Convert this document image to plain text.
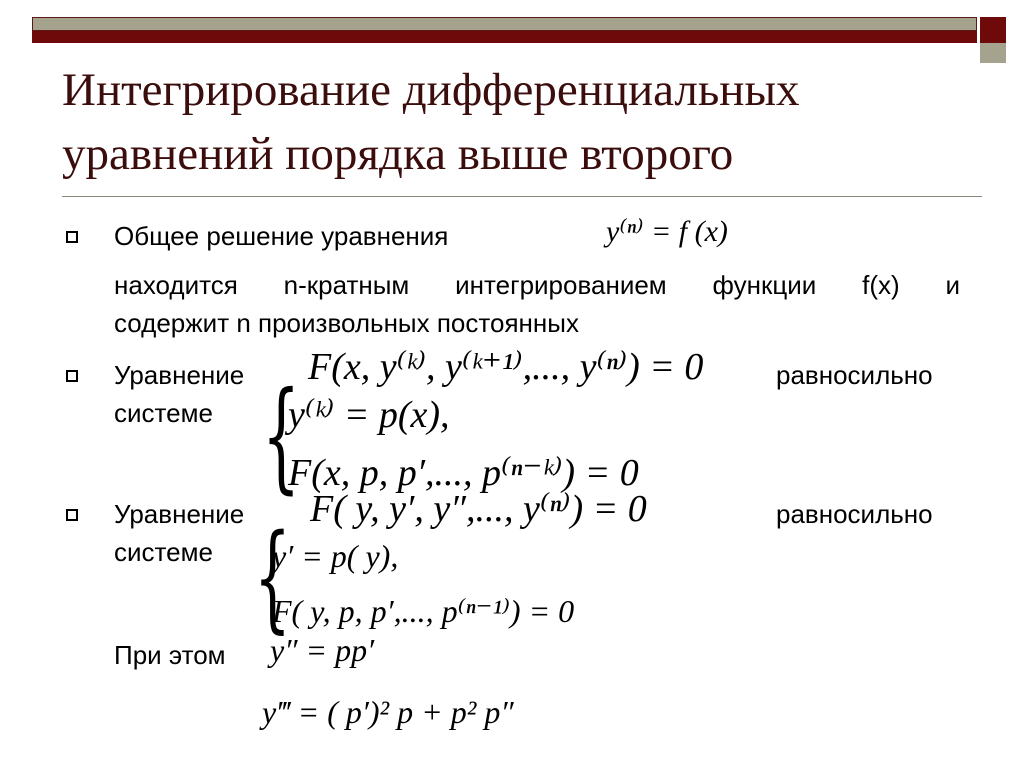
Интегрирование дифференциальных
уравнений порядка выше второго
Общее решение уравнения	y⁽ⁿ⁾ = f (x)
находится n-кратным интегрированием функции f(x) и
содержит n произвольных постоянных
Уравнение F(x, y⁽ᵏ⁾, y⁽ᵏ⁺¹⁾,..., y⁽ⁿ⁾) = 0	равносильно
системе {
y⁽ᵏ⁾ = p(x),
F(x, p, p′,..., p⁽ⁿ⁻ᵏ⁾) = 0
Уравнение F( y, y′, y″,..., y⁽ⁿ⁾) = 0	равносильно
системе {
y′ = p( y),
F( y, p, p′,..., p⁽ⁿ⁻¹⁾) = 0
При этом y″ = pp′
y‴ = ( p′)² p + p² p″
